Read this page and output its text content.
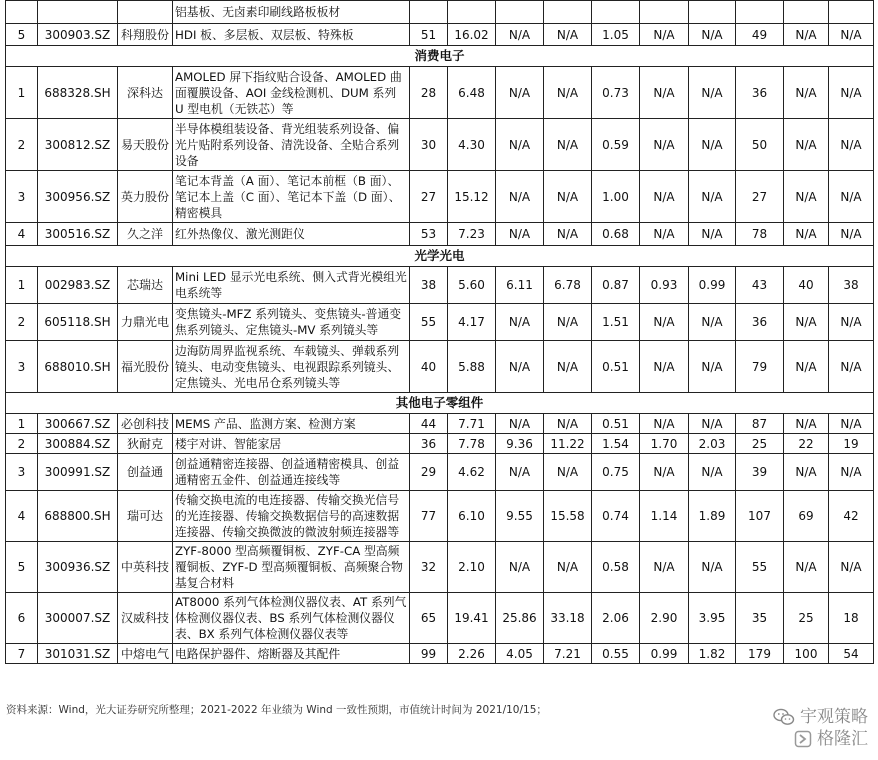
			铝基板、无卤素印刷线路板板材										
5	300903.SZ	科翔股份	HDI 板、多层板、双层板、特殊板	51	16.02	N/A	N/A	1.05	N/A	N/A	49	N/A	N/A
消费电子													
1	688328.SH	深科达	AMOLED 屏下指纹贴合设备、AMOLED 曲面覆膜设备、AOI 金线检测机、DUM 系列 U 型电机（无铁芯）等	28	6.48	N/A	N/A	0.73	N/A	N/A	36	N/A	N/A
2	300812.SZ	易天股份	半导体模组装设备、背光组装系列设备、偏光片贴附系列设备、清洗设备、全贴合系列设备	30	4.30	N/A	N/A	0.59	N/A	N/A	50	N/A	N/A
3	300956.SZ	英力股份	笔记本背盖（A 面）、笔记本前框（B 面）、笔记本上盖（C 面）、笔记本下盖（D 面）、精密模具	27	15.12	N/A	N/A	1.00	N/A	N/A	27	N/A	N/A
4	300516.SZ	久之洋	红外热像仪、激光测距仪	53	7.23	N/A	N/A	0.68	N/A	N/A	78	N/A	N/A
光学光电													
1	002983.SZ	芯瑞达	Mini LED 显示光电系统、侧入式背光模组光电系统等	38	5.60	6.11	6.78	0.87	0.93	0.99	43	40	38
2	605118.SH	力鼎光电	变焦镜头-MFZ 系列镜头、变焦镜头-普通变焦系列镜头、定焦镜头-MV 系列镜头等	55	4.17	N/A	N/A	1.51	N/A	N/A	36	N/A	N/A
3	688010.SH	福光股份	边海防周界监视系统、车载镜头、弹载系列镜头、电动变焦镜头、电视跟踪系列镜头、定焦镜头、光电吊仓系列镜头等	40	5.88	N/A	N/A	0.51	N/A	N/A	79	N/A	N/A
其他电子零组件													
1	300667.SZ	必创科技	MEMS 产品、监测方案、检测方案	44	7.71	N/A	N/A	0.51	N/A	N/A	87	N/A	N/A
2	300884.SZ	狄耐克	楼宇对讲、智能家居	36	7.78	9.36	11.22	1.54	1.70	2.03	25	22	19
3	300991.SZ	创益通	创益通精密连接器、创益通精密模具、创益通精密五金件、创益通连接线等	29	4.62	N/A	N/A	0.75	N/A	N/A	39	N/A	N/A
4	688800.SH	瑞可达	传输交换电流的电连接器、传输交换光信号的光连接器、传输交换数据信号的高速数据连接器、传输交换微波的微波射频连接器等	77	6.10	9.55	15.58	0.74	1.14	1.89	107	69	42
5	300936.SZ	中英科技	ZYF-8000 型高频覆铜板、ZYF-CA 型高频覆铜板、ZYF-D 型高频覆铜板、高频聚合物基复合材料	32	2.10	N/A	N/A	0.58	N/A	N/A	55	N/A	N/A
6	300007.SZ	汉威科技	AT8000 系列气体检测仪器仪表、AT 系列气体检测仪器仪表、BS 系列气体检测仪器仪表、BX 系列气体检测仪器仪表等	65	19.41	25.86	33.18	2.06	2.90	3.95	35	25	18
7	301031.SZ	中熔电气	电路保护器件、熔断器及其配件	99	2.26	4.05	7.21	0.55	0.99	1.82	179	100	54
资料来源：Wind，光大证券研究所整理；2021-2022 年业绩为 Wind 一致性预期，市值统计时间为 2021/10/15；	宇观策略
格隆汇
